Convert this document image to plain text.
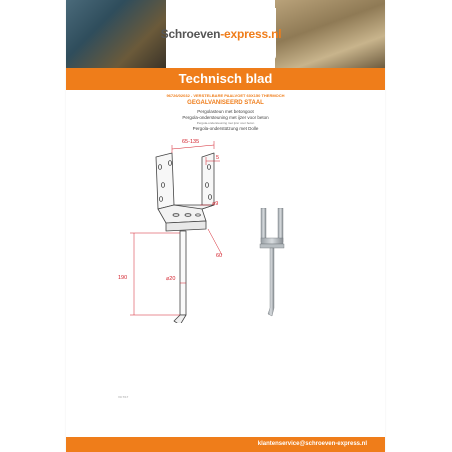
Schroeven-express.nl
Technisch blad
96726/02032 - VERSTELBARE PAALVOET 60X150 THERMOCH
GEGALVANISEERD STAAL
Pergolasteun met betongoot
Pergola-ondersteuning met ijzer voor beton
Pergola-ondersteuning met ijzer voor beton
Pergola-onderstützung met Dolle
65-135
5
⌀9
60
⌀20
190
V0.7/17
klantenservice@schroeven-express.nl
